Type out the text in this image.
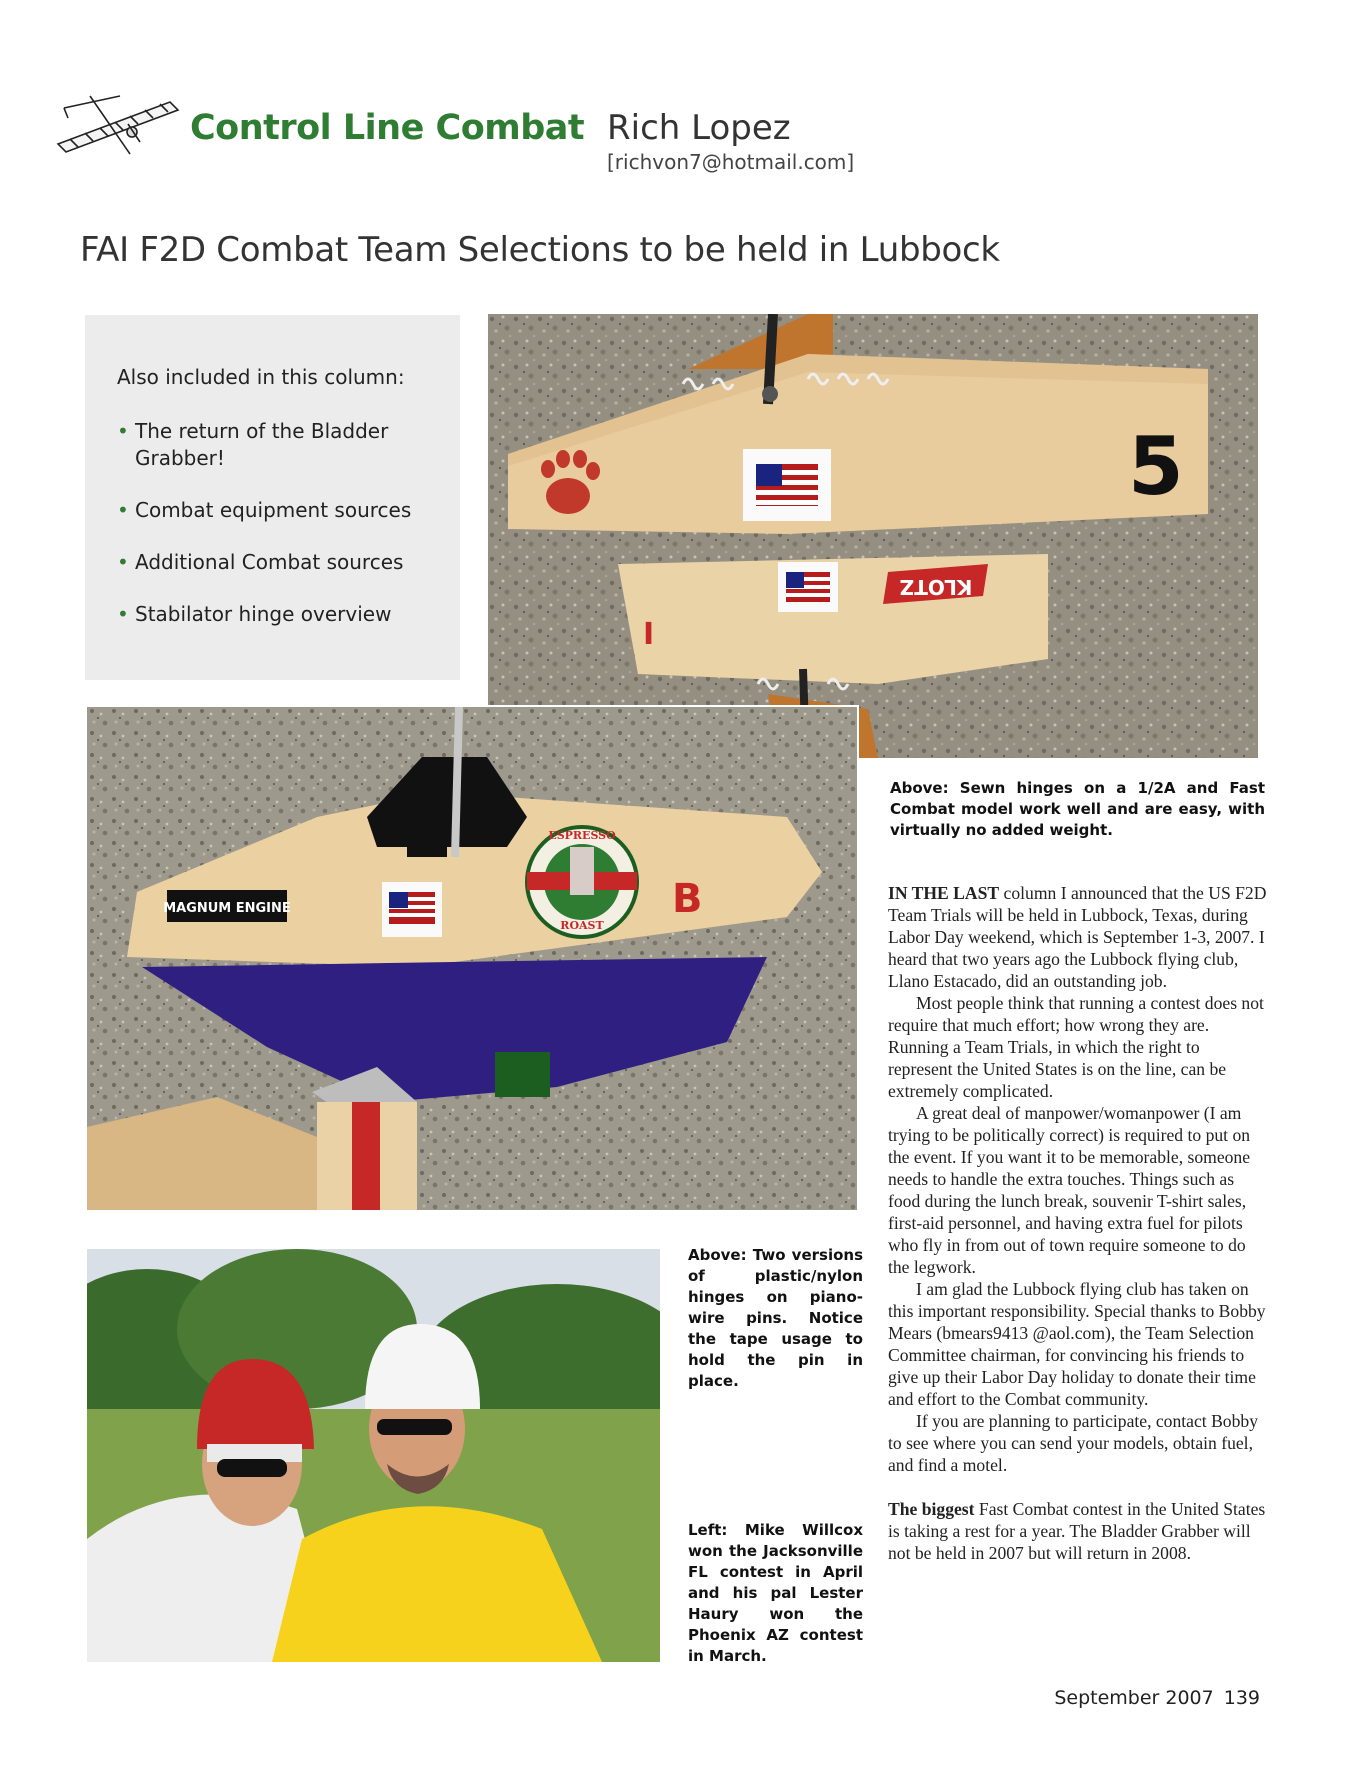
Control Line Combat Rich Lopez
[richvon7@hotmail.com]
FAI F2D Combat Team Selections to be held in Lubbock
Also included in this column:
• The return of the Bladder Grabber!
• Combat equipment sources
• Additional Combat sources
• Stabilator hinge overview
5
I
KLOTZ
MAGNUM ENGINE
ESPRESSO
ROAST
B
Above: Sewn hinges on a 1/2A and Fast Combat model work well and are easy, with virtually no added weight.
Above: Two versions of plastic/nylon hinges on piano-wire pins. Notice the tape usage to hold the pin in place.
Left: Mike Willcox won the Jacksonville FL contest in April and his pal Lester Haury won the Phoenix AZ contest in March.

IN THE LAST column I announced that the US F2D Team Trials will be held in Lubbock, Texas, during Labor Day weekend, which is September 1-3, 2007. I heard that two years ago the Lubbock flying club, Llano Estacado, did an outstanding job.

Most people think that running a contest does not require that much effort; how wrong they are. Running a Team Trials, in which the right to represent the United States is on the line, can be extremely complicated.

A great deal of manpower/womanpower (I am trying to be politically correct) is required to put on the event. If you want it to be memorable, someone needs to handle the extra touches. Things such as food during the lunch break, souvenir T-shirt sales, first-aid personnel, and having extra fuel for pilots who fly in from out of town require someone to do the legwork.

I am glad the Lubbock flying club has taken on this important responsibility. Special thanks to Bobby Mears (bmears9413 @aol.com), the Team Selection Committee chairman, for convincing his friends to give up their Labor Day holiday to donate their time and effort to the Combat community.

If you are planning to participate, contact Bobby to see where you can send your models, obtain fuel, and find a motel.

The biggest Fast Combat contest in the United States is taking a rest for a year. The Bladder Grabber will not be held in 2007 but will return in 2008.

September 2007 139
